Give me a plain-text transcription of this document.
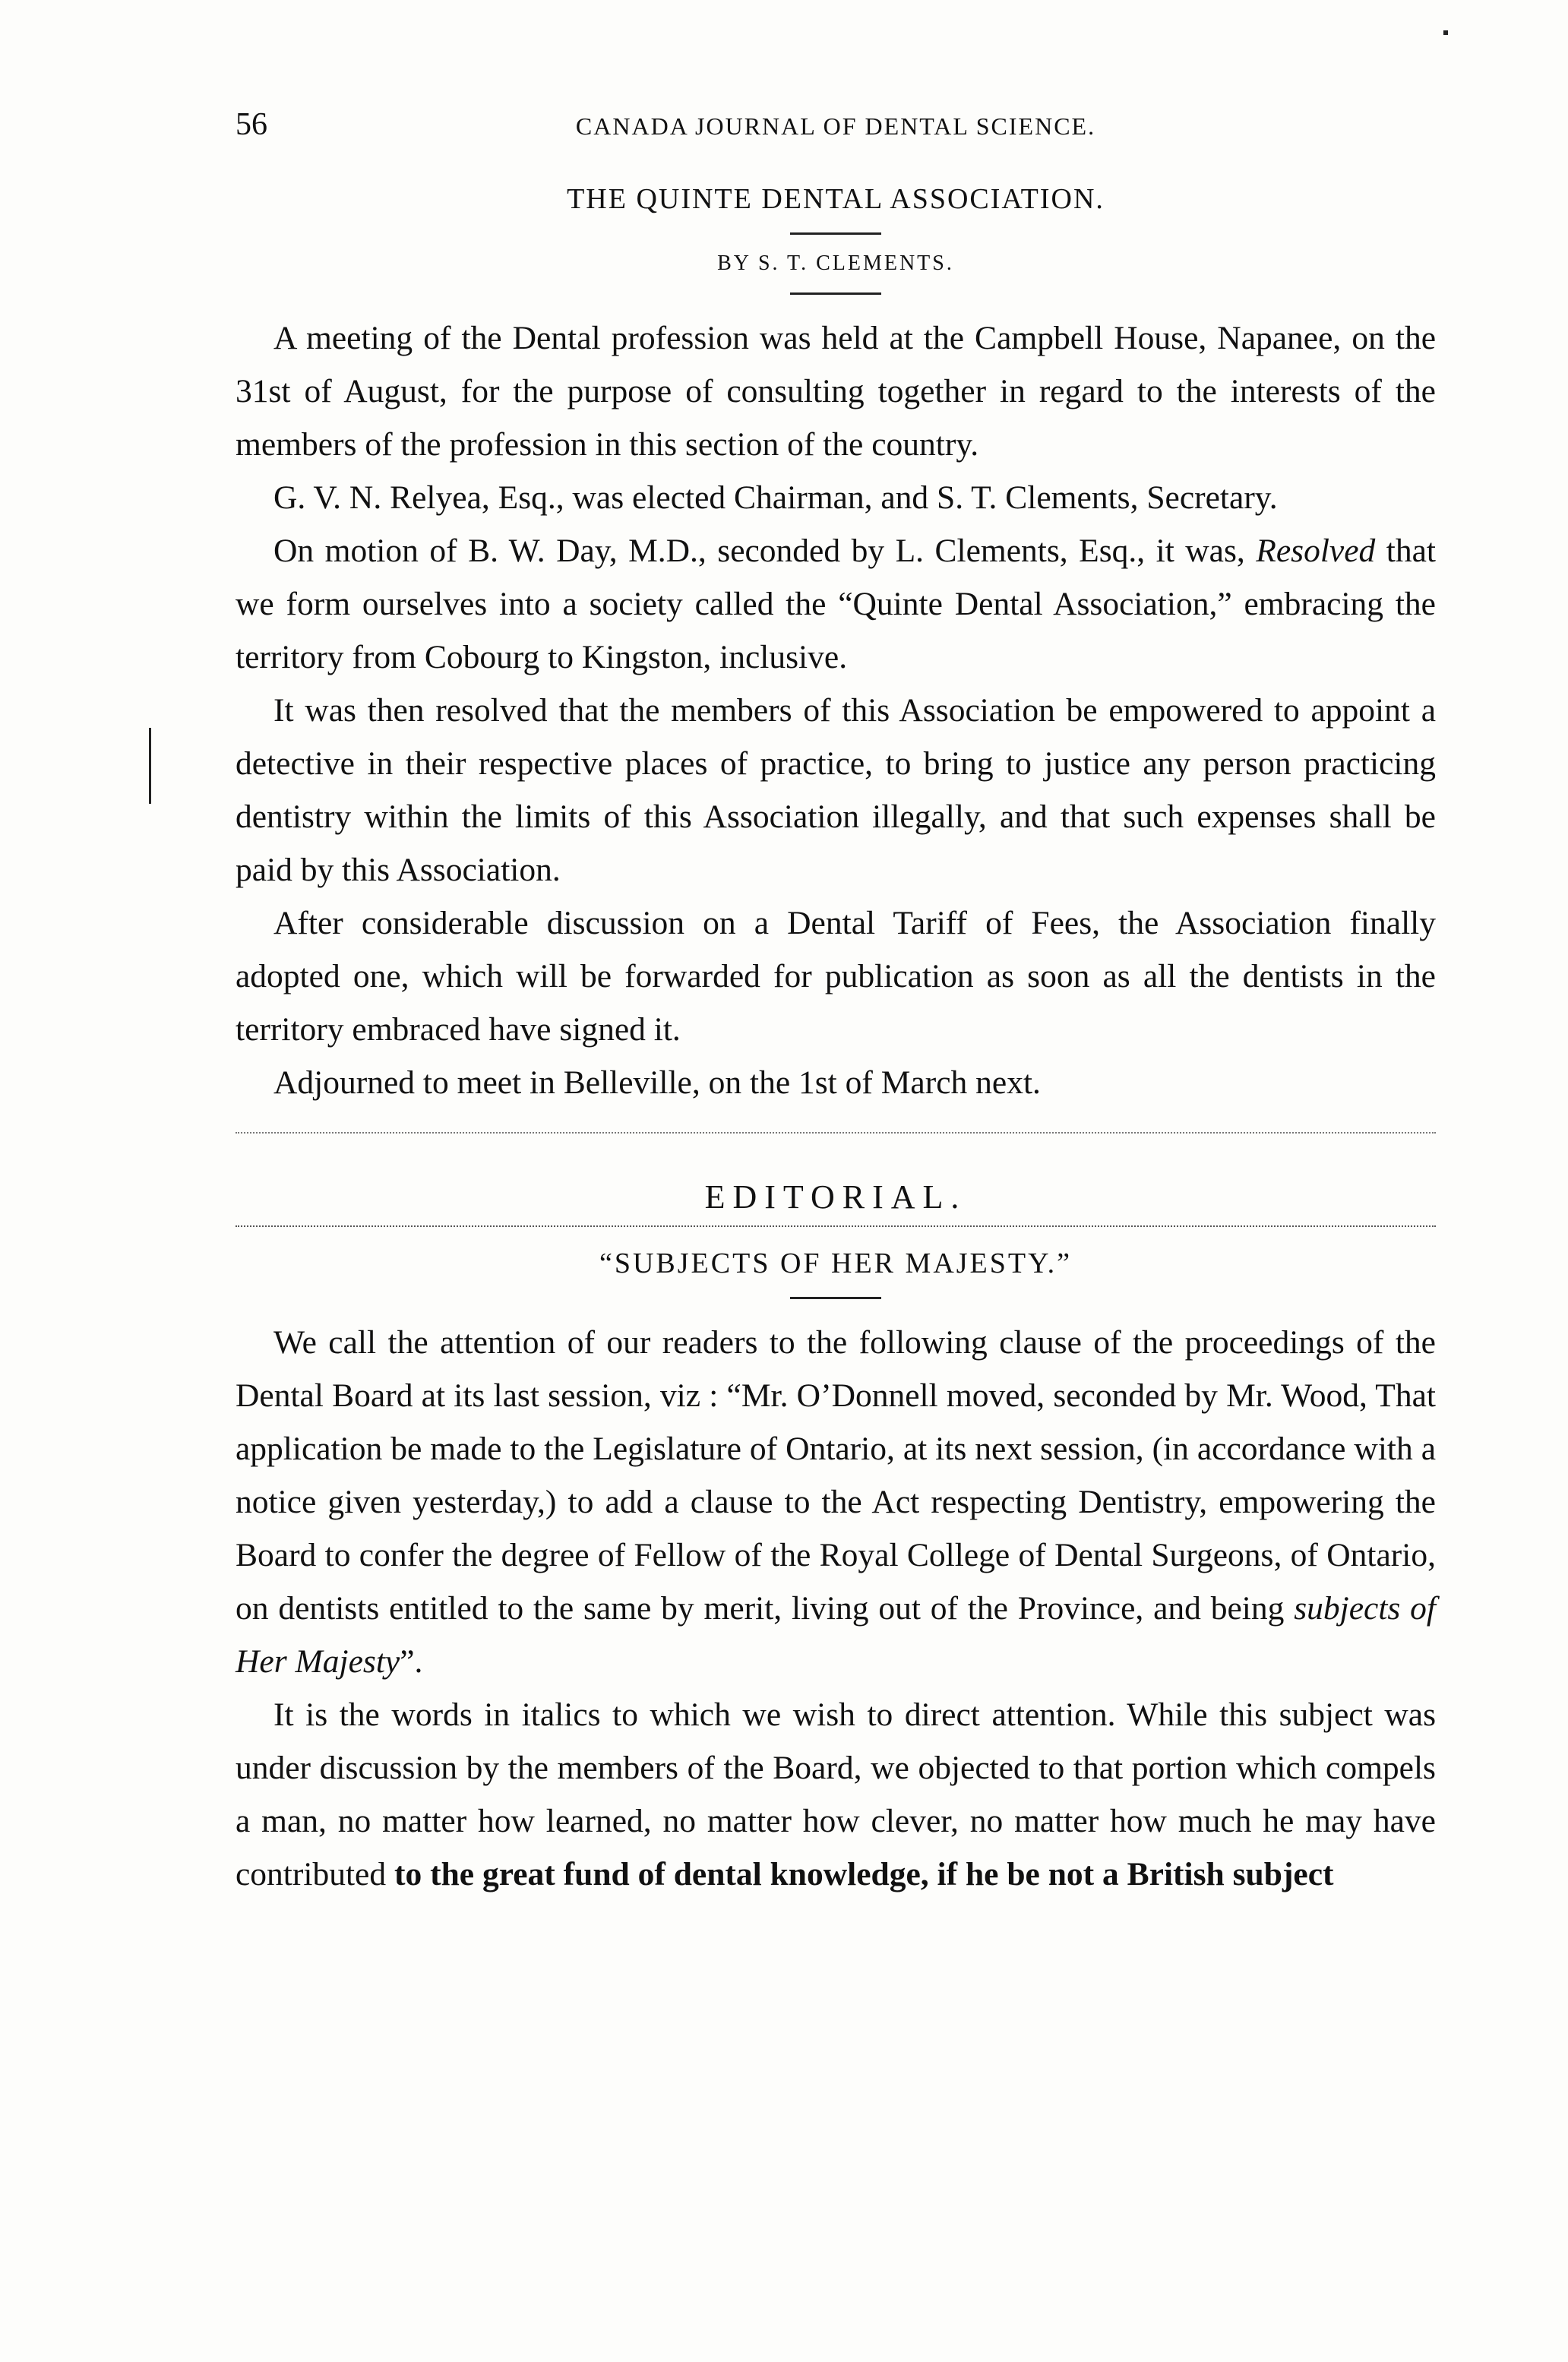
56	CANADA JOURNAL OF DENTAL SCIENCE.
THE QUINTE DENTAL ASSOCIATION.
BY S. T. CLEMENTS.

A meeting of the Dental profession was held at the Campbell House, Napanee, on the 31st of August, for the purpose of consulting together in regard to the interests of the members of the profession in this section of the country.

G. V. N. Relyea, Esq., was elected Chairman, and S. T. Clements, Secretary.

On motion of B. W. Day, M.D., seconded by L. Clements, Esq., it was, Resolved that we form ourselves into a society called the “Quinte Dental Association,” embracing the territory from Cobourg to Kingston, inclusive.

It was then resolved that the members of this Association be empowered to appoint a detective in their respective places of practice, to bring to justice any person practicing dentistry within the limits of this Association illegally, and that such expenses shall be paid by this Association.

After considerable discussion on a Dental Tariff of Fees, the Association finally adopted one, which will be forwarded for publication as soon as all the dentists in the territory embraced have signed it.

Adjourned to meet in Belleville, on the 1st of March next.

EDITORIAL.
“SUBJECTS OF HER MAJESTY.”

We call the attention of our readers to the following clause of the proceedings of the Dental Board at its last session, viz : “Mr. O’Donnell moved, seconded by Mr. Wood, That application be made to the Legislature of Ontario, at its next session, (in accordance with a notice given yesterday,) to add a clause to the Act respecting Dentistry, empowering the Board to confer the degree of Fellow of the Royal College of Dental Surgeons, of Ontario, on dentists entitled to the same by merit, living out of the Province, and being subjects of Her Majesty”.

It is the words in italics to which we wish to direct attention. While this subject was under discussion by the members of the Board, we objected to that portion which compels a man, no matter how learned, no matter how clever, no matter how much he may have contributed to the great fund of dental knowledge, if he be not a British subject
